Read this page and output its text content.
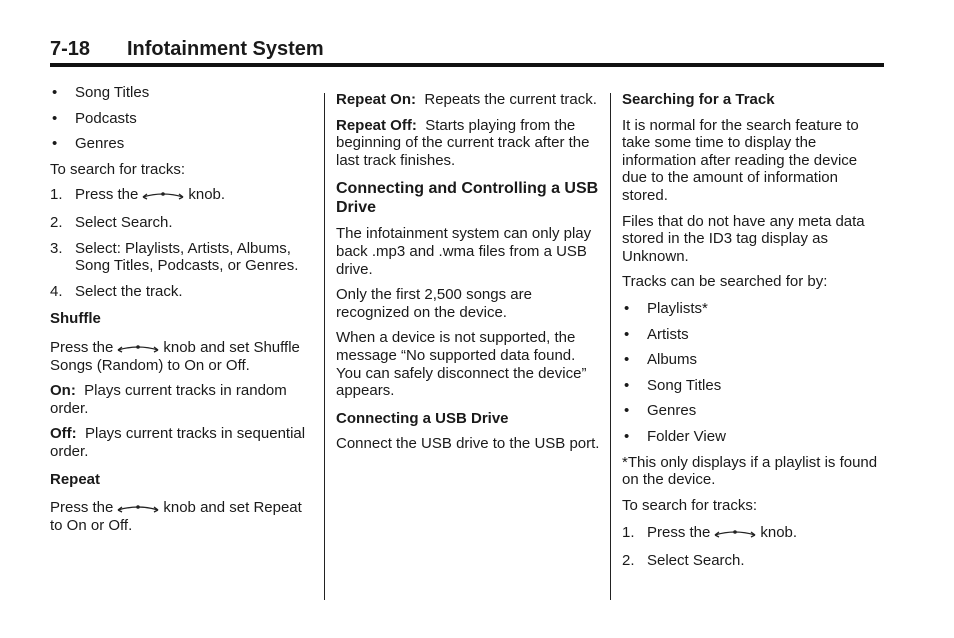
7-18 Infotainment System
• Song Titles
• Podcasts
• Genres
To search for tracks:
1. Press the	knob.
2. Select Search.
3. Select: Playlists, Artists, Albums, Song Titles, Podcasts, or Genres.
4. Select the track.
Shuffle
Press the	knob and set Shuffle Songs (Random) to On or Off.
On: Plays current tracks in random order.
Off: Plays current tracks in sequential order.
Repeat
Press the	knob and set Repeat to On or Off.
Repeat On: Repeats the current track.
Repeat Off: Starts playing from the beginning of the current track after the last track finishes.
Connecting and Controlling a USB Drive
The infotainment system can only play back .mp3 and .wma files from a USB drive.
Only the first 2,500 songs are recognized on the device.
When a device is not supported, the message “No supported data found. You can safely disconnect the device” appears.
Connecting a USB Drive
Connect the USB drive to the USB port.
Searching for a Track
It is normal for the search feature to take some time to display the information after reading the device due to the amount of information stored.
Files that do not have any meta data stored in the ID3 tag display as Unknown.
Tracks can be searched for by:
• Playlists*
• Artists
• Albums
• Song Titles
• Genres
• Folder View
*This only displays if a playlist is found on the device.
To search for tracks:
1. Press the	knob.
2. Select Search.
